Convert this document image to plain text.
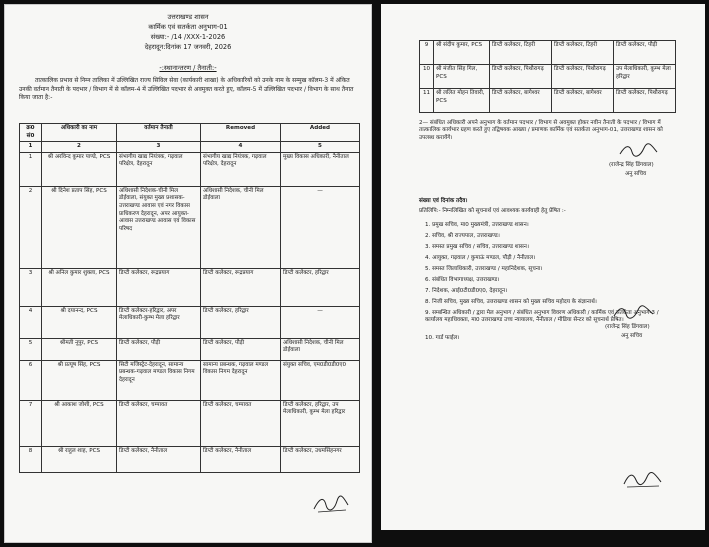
उत्तराखण्ड शासन
कार्मिक एवं सतर्कता अनुभाग-01
संख्या:- /14 /XXX-1-2026
देहरादून:दिनांक 17 जनवरी, 2026
-:स्थानान्तरण / तैनाती:-
तात्कालिक प्रभाव से निम्न तालिका में उल्लिखित राज्य सिविल सेवा (कार्यकारी शाखा) के अधिकारियों को उनके नाम के सम्मुख कॉलम-3 में अंकित उनकी वर्तमान तैनाती के पदभार / विभाग में से कॉलम-4 में उल्लिखित पदभार से अवमुक्त करते हुए, कॉलम-5 में उल्लिखित पदभार / विभाग के साथ तैनात किया जाता है:-
क्र0 सं0	अधिकारी का नाम	वर्तमान तैनाती	Removed	Added
1	2	3	4	5
1	श्री अरविन्द कुमार पाण्डे, PCS	संभागीय खाद्य नियंत्रक, गढ़वाल परिक्षेत्र, देहरादून	संभागीय खाद्य नियंत्रक, गढ़वाल परिक्षेत्र, देहरादून	मुख्य विकास अधिकारी, नैनीताल
2	श्री दिनेश प्रताप सिंह, PCS	अधिशासी निदेशक-चीनी मिल डोईवाला, संयुक्त मुख्य प्रशासक-उत्तराखण्ड आवास एवं नगर विकास प्राधिकरण देहरादून, अपर आयुक्त-आवास उत्तराखण्ड आवास एवं विकास परिषद	अधिशासी निदेशक, चीनी मिल डोईवाला	—
3	श्री अनिल कुमार शुक्ला, PCS	डिप्टी कलेक्टर, रूद्रप्रयाग	डिप्टी कलेक्टर, रूद्रप्रयाग	डिप्टी कलेक्टर, हरिद्वार
4	श्री दयानन्द, PCS	डिप्टी कलेक्टर-हरिद्वार, अपर मेलाधिकारी-कुम्भ मेला हरिद्वार	डिप्टी कलेक्टर, हरिद्वार	—
5	श्रीमती नूपुर, PCS	डिप्टी कलेक्टर, पौड़ी	डिप्टी कलेक्टर, पौड़ी	अधिशासी निदेशक, चीनी मिल डोईवाला
6	श्री प्रत्यूष सिंह, PCS	सिटी मजिस्ट्रेट-देहरादून, सामान्य प्रबन्धक-गढ़वाल मण्डल विकास निगम देहरादून	सामान्य प्रबन्धक, गढ़वाल मण्डल विकास निगम देहरादून	संयुक्त सचिव, एम0डी0डी0ए0
7	श्री आकाश जोशी, PCS	डिप्टी कलेक्टर, चम्पावत	डिप्टी कलेक्टर, चम्पावत	डिप्टी कलेक्टर, हरिद्वार, उप मेलाधिकारी, कुम्भ मेला हरिद्वार
8	श्री राहुल शाह, PCS	डिप्टी कलेक्टर, नैनीताल	डिप्टी कलेक्टर, नैनीताल	डिप्टी कलेक्टर, उधमसिंहनगर
9	श्री संदीप कुमार, PCS	डिप्टी कलेक्टर, टिहरी	डिप्टी कलेक्टर, टिहरी	डिप्टी कलेक्टर, पौड़ी
10	श्री मंजीत सिंह गिल, PCS	डिप्टी कलेक्टर, पिथौरागढ़	डिप्टी कलेक्टर, पिथौरागढ़	उप मेलाधिकारी, कुम्भ मेला हरिद्वार
11	श्री ललित मोहन तिवारी, PCS	डिप्टी कलेक्टर, बागेश्वर	डिप्टी कलेक्टर, बागेश्वर	डिप्टी कलेक्टर, पिथौरागढ़
2— संबंधित अधिकारी अपने अनुभाग के वर्तमान पदभार / विभाग से अवमुक्त होकर नवीन तैनाती के पदभार / विभाग में तात्कालिक कार्यभार ग्रहण करते हुए तद्विषयक आख्या / प्रमाणक कार्मिक एवं सतर्कता अनुभाग-01, उत्तराखण्ड शासन को उपलब्ध करायेंगे।
(राजेन्द्र सिंह डिंगवाल)
अनु सचिव
संख्या एवं दिनांक तदैव।
प्रतिलिपि:- निम्नलिखित को सूचनार्थ एवं आवश्यक कार्यवाही हेतु प्रेषित :-
1. प्रमुख सचिव, मा0 मुख्यमंत्री, उत्तराखण्ड शासन।
2. सचिव, श्री राज्यपाल, उत्तराखण्ड।
3. समस्त प्रमुख सचिव / सचिव, उत्तराखण्ड शासन।
4. आयुक्त, गढ़वाल / कुमाऊं मण्डल, पौड़ी / नैनीताल।
5. समस्त जिलाधिकारी, उत्तराखण्ड / महानिदेशक, सूचना।
6. संबंधित विभागाध्यक्ष, उत्तराखण्ड।
7. निदेशक, आई0टी0डी0ए0, देहरादून।
8. निजी सचिव, मुख्य सचिव, उत्तराखण्ड शासन को मुख्य सचिव महोदय के संज्ञानार्थ।
9. सम्बन्धित अधिकारी / द्वारा मेल अनुभाग / संबंधित अनुभाग विवरण अधिकारी / कार्मिक एवं सतर्कता अनुभाग-3 / कार्यालय महाधिवक्ता, मा0 उत्तराखण्ड उच्च न्यायालय, नैनीताल / मीडिया सेन्टर को सूचनार्थ प्रेषित।
10. गार्ड फाईल।
(राजेन्द्र सिंह डिंगवाल)
अनु सचिव
